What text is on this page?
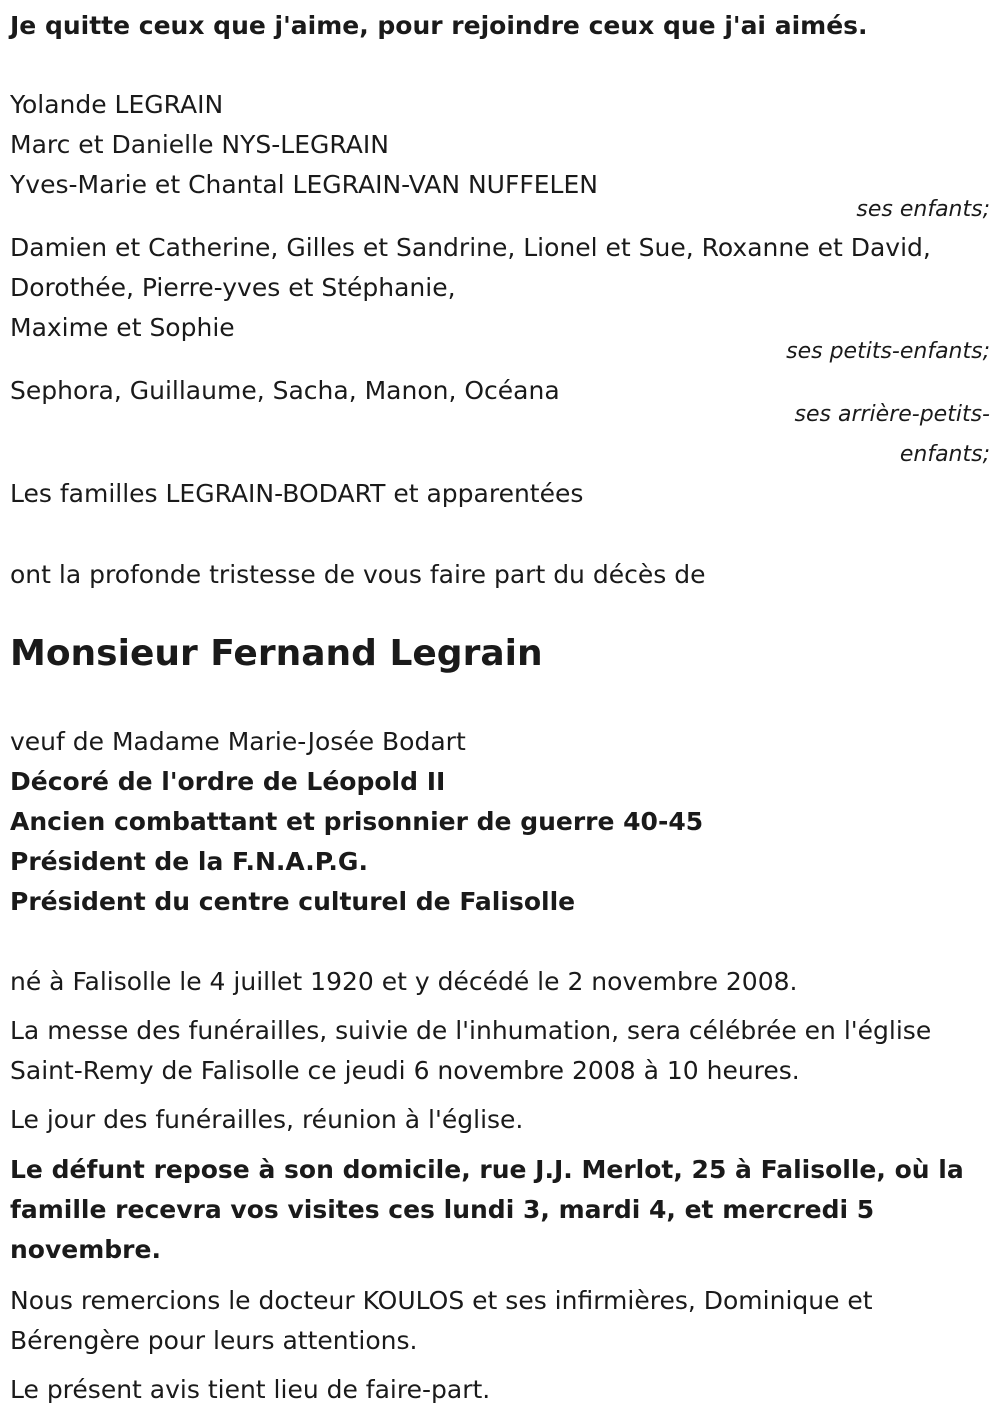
Je quitte ceux que j'aime, pour rejoindre ceux que j'ai aimés.

Yolande LEGRAIN

Marc et Danielle NYS-LEGRAIN

Yves-Marie et Chantal LEGRAIN-VAN NUFFELEN

ses enfants;

Damien et Catherine, Gilles et Sandrine, Lionel et Sue, Roxanne et David,

Dorothée, Pierre-yves et Stéphanie,

Maxime et Sophie

ses petits-enfants;

Sephora, Guillaume, Sacha, Manon, Océana

ses arrière-petits-

enfants;

Les familles LEGRAIN-BODART et apparentées

ont la profonde tristesse de vous faire part du décès de

Monsieur Fernand Legrain

veuf de Madame Marie-Josée Bodart

Décoré de l'ordre de Léopold II

Ancien combattant et prisonnier de guerre 40-45

Président de la F.N.A.P.G.

Président du centre culturel de Falisolle

né à Falisolle le 4 juillet 1920 et y décédé le 2 novembre 2008.

La messe des funérailles, suivie de l'inhumation, sera célébrée en l'église Saint-Remy de Falisolle ce jeudi 6 novembre 2008 à 10 heures.

Le jour des funérailles, réunion à l'église.

Le défunt repose à son domicile, rue J.J. Merlot, 25 à Falisolle, où la famille recevra vos visites ces lundi 3, mardi 4, et mercredi 5 novembre.

Nous remercions le docteur KOULOS et ses infirmières, Dominique et Bérengère pour leurs attentions.

Le présent avis tient lieu de faire-part.
